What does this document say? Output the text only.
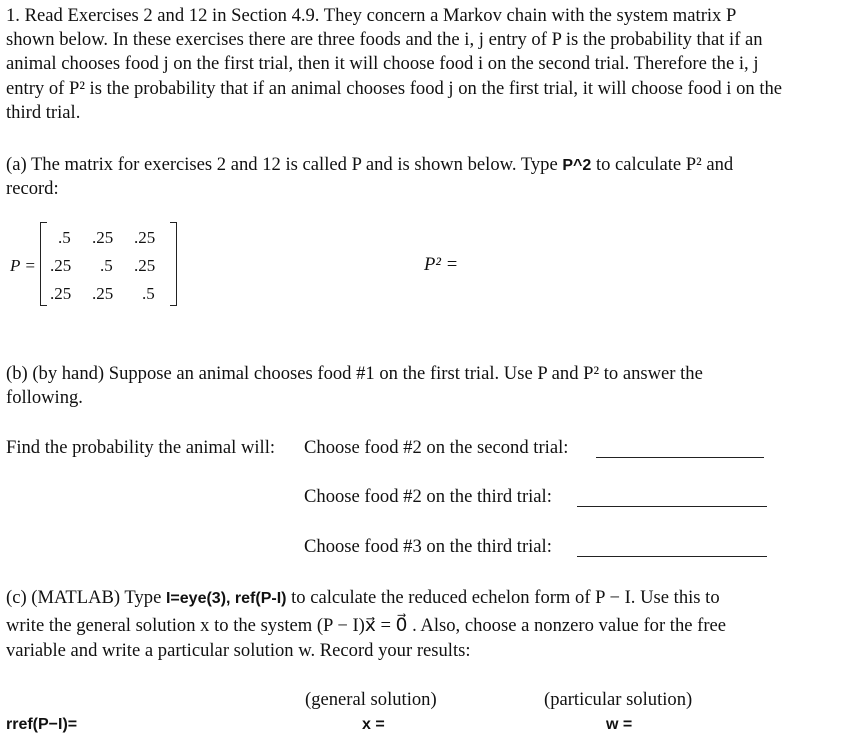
1. Read Exercises 2 and 12 in Section 4.9. They concern a Markov chain with the system matrix P
shown below. In these exercises there are three foods and the i, j entry of P is the probability that if an
animal chooses food j on the first trial, then it will choose food i on the second trial. Therefore the i, j
entry of P² is the probability that if an animal chooses food j on the first trial, it will choose food i on the
third trial.
(a) The matrix for exercises 2 and 12 is called P and is shown below. Type P^2 to calculate P² and
record:
P =
.5 .25 .25
.25 .5 .25
.25 .25 .5
P² =
(b) (by hand) Suppose an animal chooses food #1 on the first trial. Use P and P² to answer the
following.
Find the probability the animal will: Choose food #2 on the second trial:
Choose food #2 on the third trial:
Choose food #3 on the third trial:
(c) (MATLAB) Type I=eye(3), ref(P-I) to calculate the reduced echelon form of P − I. Use this to
write the general solution x to the system (P − I)x⃗ = 0⃗ . Also, choose a nonzero value for the free
variable and write a particular solution w. Record your results:
(general solution)	(particular solution)
rref(P−I)=	x =	w =
